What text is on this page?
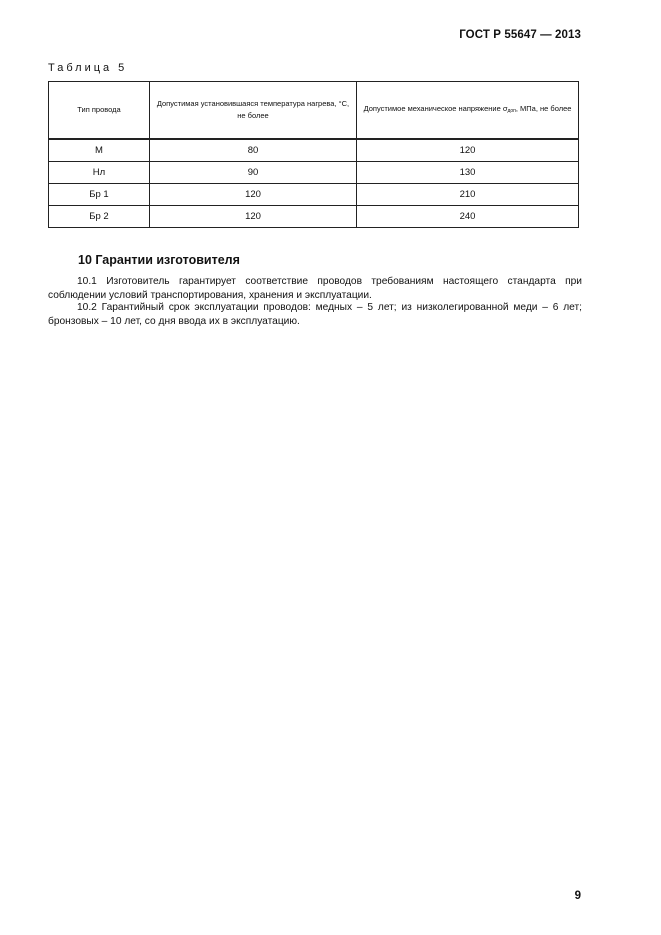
ГОСТ Р 55647 — 2013
Таблица 5
Тип провода	Допустимая установившаяся температура нагрева, °С, не более	Допустимое механическое напряжение $\sigma_{доп}$, МПа, не более
М	80	120
Нл	90	130
Бр 1	120	210
Бр 2	120	240
10 Гарантии изготовителя

10.1 Изготовитель гарантирует соответствие проводов требованиям настоящего стандарта при соблюдении условий транспортирования, хранения и эксплуатации.

10.2 Гарантийный срок эксплуатации проводов: медных – 5 лет; из низколегированной меди – 6 лет; бронзовых – 10 лет, со дня ввода их в эксплуатацию.

9
